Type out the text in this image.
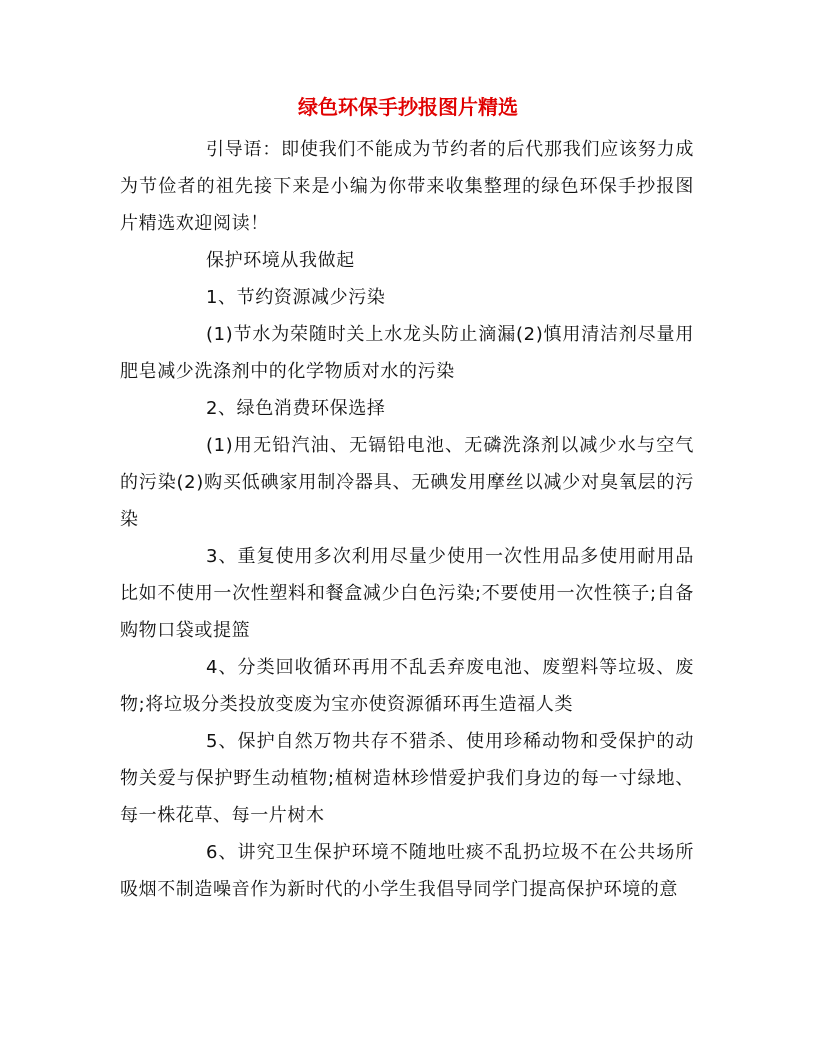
绿色环保手抄报图片精选

引导语：即使我们不能成为节约者的后代那我们应该努力成为节俭者的祖先接下来是小编为你带来收集整理的绿色环保手抄报图片精选欢迎阅读！

保护环境从我做起

1、节约资源减少污染

(1)节水为荣随时关上水龙头防止滴漏(2)慎用清洁剂尽量用肥皂减少洗涤剂中的化学物质对水的污染

2、绿色消费环保选择

(1)用无铅汽油、无镉铅电池、无磷洗涤剂以减少水与空气的污染(2)购买低碘家用制冷器具、无碘发用摩丝以减少对臭氧层的污染

3、重复使用多次利用尽量少使用一次性用品多使用耐用品比如不使用一次性塑料和餐盒减少白色污染;不要使用一次性筷子;自备购物口袋或提篮

4、分类回收循环再用不乱丢弃废电池、废塑料等垃圾、废物;将垃圾分类投放变废为宝亦使资源循环再生造福人类

5、保护自然万物共存不猎杀、使用珍稀动物和受保护的动物关爱与保护野生动植物;植树造林珍惜爱护我们身边的每一寸绿地、每一株花草、每一片树木

6、讲究卫生保护环境不随地吐痰不乱扔垃圾不在公共场所吸烟不制造噪音作为新时代的小学生我倡导同学门提高保护环境的意
